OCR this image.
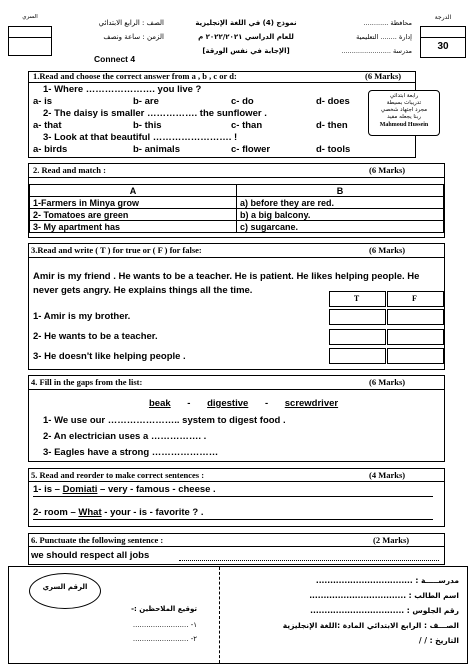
الدرجة
30
محافظة ............
إدارة ........ التعليمية
مدرسة ........................
نموذج (4) في اللغة الإنجليزية
للعام الدراسي ٢٠٢٢/٢٠٢١ م
[الإجابة في نفس الورقة]
الصف : الرابع الابتدائي
الزمن : ساعة ونصف
Connect 4
السري
1.Read and choose the correct answer from a , b , c or d:	(6 Marks)
1- Where …………………. you live ?
a- is	b- are	c- do	d- does
2- The daisy is smaller ……………. the sunflower .
a- that	b- this	c- than	d- then
3- Look at that beautiful ……………………. !
a- birds	b- animals	c- flower	d- tools
رابعة ابتدائي
تدريبات بسيطة
مجرد اجتهاد شخصي
ربنا يجعله مفيد
Mahmoud Hussein
2. Read and match :	(6 Marks)
A	B
1-Farmers in Minya grow	a) before they are red.
2- Tomatoes are green	b) a big balcony.
3- My apartment has	c) sugarcane.
3.Read and write ( T ) for true or ( F ) for false:	(6 Marks)
Amir is my friend . He wants to be a teacher. He is patient. He likes helping people. He never gets angry. He explains things all the time.
T	F
1- Amir is my brother.
2- He wants to be a teacher.
3- He doesn't like helping people .
4. Fill in the gaps from the list:	(6 Marks)
beak - digestive - screwdriver
1- We use our ………………….. system to digest food .
2- An electrician uses a ……………. .
3- Eagles have a strong …………………
5. Read and reorder to make correct sentences :	(4 Marks)
1- is – Domiati – very - famous - cheese .
2- room – What - your - is - favorite ? .
6. Punctuate the following sentence :	(2 Marks)
we should respect all jobs
الرقم السري
توقيع الملاحظين :-
١- .........................
٢- .........................
مدرســـــة : ..................................
اسم الطالب : ..................................
رقم الجلوس : .................................
الصـــف : الرابع الابتدائي المادة :اللغة الإنجليزية
التاريخ : / /
